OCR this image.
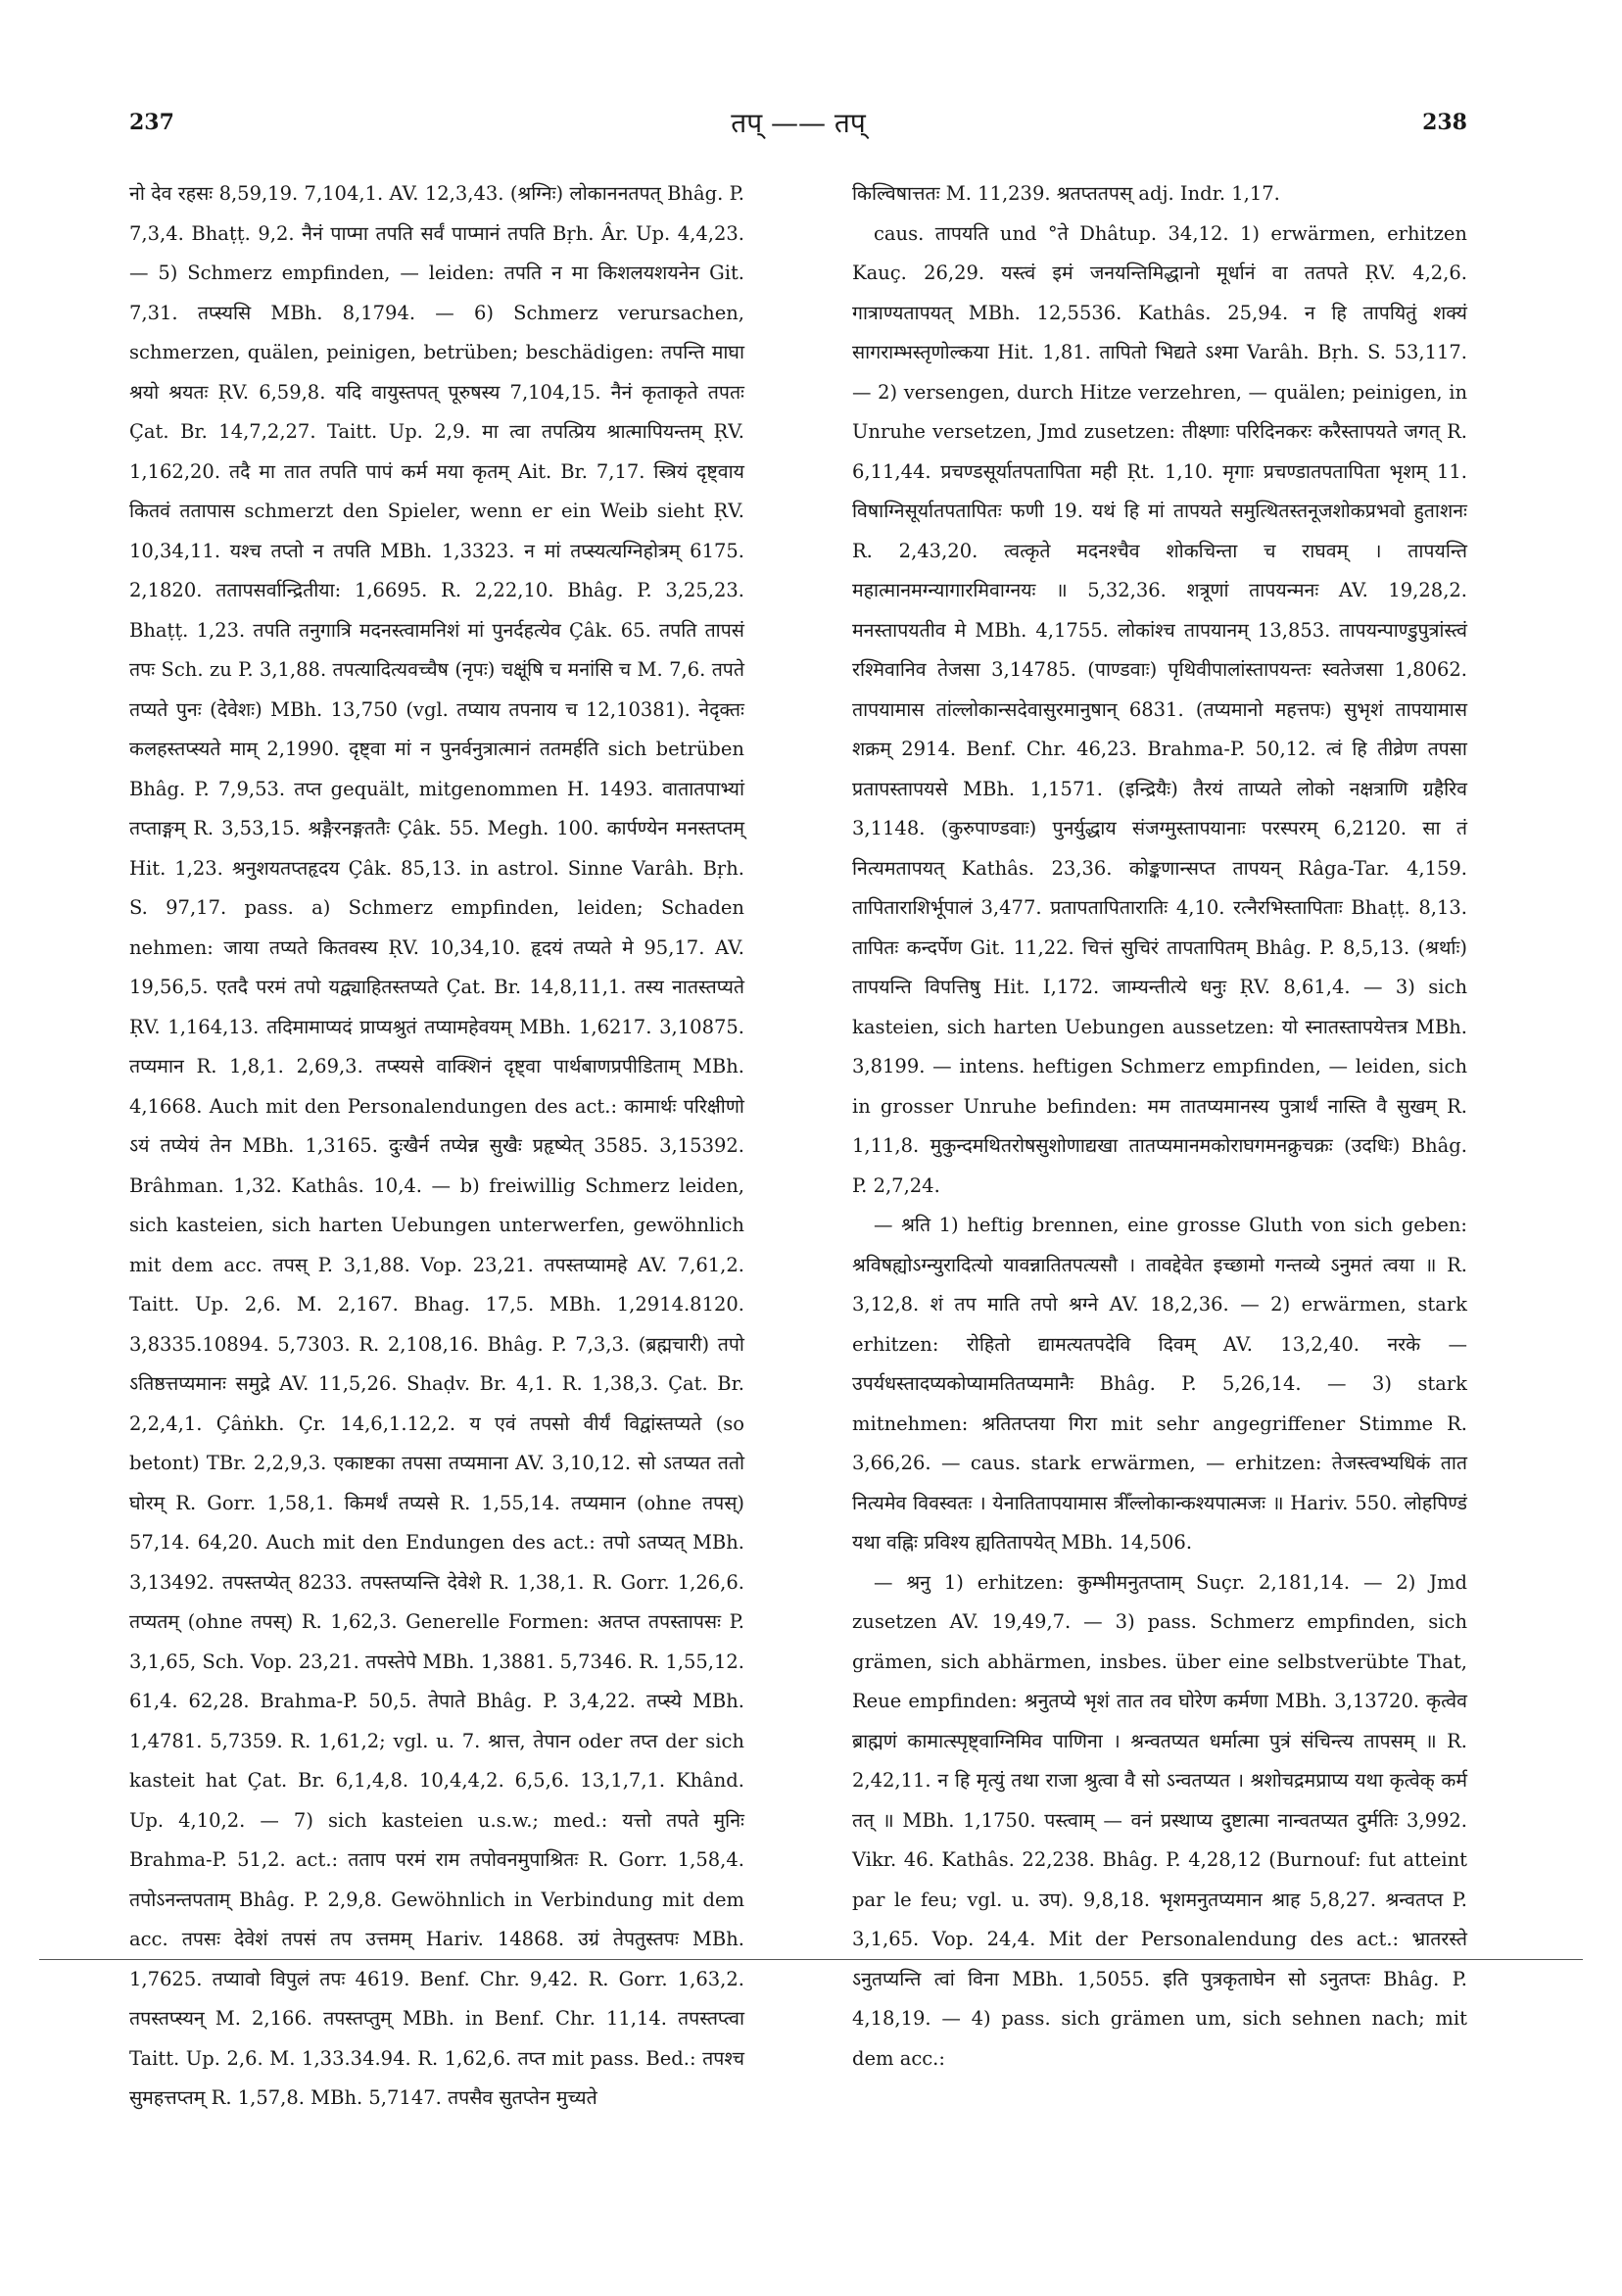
237	तप् —— तप्	238

नो देव रहसः 8,59,19. 7,104,1. AV. 12,3,43. (श्रग्निः) लोकाननतपत् Bhâg. P. 7,3,4. Bhaṭṭ. 9,2. नैनं पाप्मा तपति सर्वं पाप्मानं तपति Bṛh. Âr. Up. 4,4,23. — 5) Schmerz empfinden, — leiden: तपति न मा किशलयशयनेन Git. 7,31. तप्स्यसि MBh. 8,1794. — 6) Schmerz verursachen, schmerzen, quälen, peinigen, betrüben; beschädigen: तपन्ति माघा श्रयो श्रयतः ṚV. 6,59,8. यदि वायुस्तपत् पूरुषस्य 7,104,15. नैनं कृताकृते तपतः Çat. Br. 14,7,2,27. Taitt. Up. 2,9. मा त्वा तपत्प्रिय श्रात्मापियन्तम् ṚV. 1,162,20. तदै मा तात तपति पापं कर्म मया कृतम् Ait. Br. 7,17. स्त्रियं दृष्ट्वाय कितवं ततापास schmerzt den Spieler, wenn er ein Weib sieht ṚV. 10,34,11. यश्च तप्तो न तपति MBh. 1,3323. न मां तप्स्यत्यग्निहोत्रम् 6175. 2,1820. ततापसर्वान्द्रितीया: 1,6695. R. 2,22,10. Bhâg. P. 3,25,23. Bhaṭṭ. 1,23. तपति तनुगात्रि मदनस्त्वामनिशं मां पुनर्दहत्येव Çâk. 65. तपति तापसं तपः Sch. zu P. 3,1,88. तपत्यादित्यवच्चैष (नृपः) चक्षूंषि च मनांसि च M. 7,6. तपते तप्यते पुनः (देवेशः) MBh. 13,750 (vgl. तप्याय तपनाय च 12,10381). नेदृक्तः कलहस्तप्स्यते माम् 2,1990. दृष्ट्वा मां न पुनर्वनुत्रात्मानं ततमर्हति sich betrüben Bhâg. P. 7,9,53. तप्त gequält, mitgenommen H. 1493. वातातपाभ्यां तप्ताङ्गम् R. 3,53,15. श्रङ्गैरनङ्गततैः Çâk. 55. Megh. 100. कार्पण्येन मनस्तप्तम् Hit. 1,23. श्रनुशयतप्तहृदय Çâk. 85,13. in astrol. Sinne Varâh. Bṛh. S. 97,17. pass. a) Schmerz empfinden, leiden; Schaden nehmen: जाया तप्यते कितवस्य ṚV. 10,34,10. हृदयं तप्यते मे 95,17. AV. 19,56,5. एतदै परमं तपो यद्व्याहितस्तप्यते Çat. Br. 14,8,11,1. तस्य नातस्तप्यते ṚV. 1,164,13. तदिमामाप्यदं प्राप्यश्रुतं तप्यामहेवयम् MBh. 1,6217. 3,10875. तप्यमान R. 1,8,1. 2,69,3. तप्स्यसे वाक्शिनं दृष्ट्वा पार्थबाणप्रपीडिताम् MBh. 4,1668. Auch mit den Personalendungen des act.: कामार्थः परिक्षीणो ऽयं तप्येयं तेन MBh. 1,3165. दुःखैर्न तप्येन्न सुखैः प्रहृष्येत् 3585. 3,15392. Brâhman. 1,32. Kathâs. 10,4. — b) freiwillig Schmerz leiden, sich kasteien, sich harten Uebungen unterwerfen, gewöhnlich mit dem acc. तपस् P. 3,1,88. Vop. 23,21. तपस्तप्यामहे AV. 7,61,2. Taitt. Up. 2,6. M. 2,167. Bhag. 17,5. MBh. 1,2914.8120. 3,8335.10894. 5,7303. R. 2,108,16. Bhâg. P. 7,3,3. (ब्रह्मचारी) तपो ऽतिष्ठत्तप्यमानः समुद्रे AV. 11,5,26. Shaḍv. Br. 4,1. R. 1,38,3. Çat. Br. 2,2,4,1. Çâṅkh. Çr. 14,6,1.12,2. य एवं तपसो वीर्यं विद्वांस्तप्यते (so betont) TBr. 2,2,9,3. एकाष्टका तपसा तप्यमाना AV. 3,10,12. सो ऽतप्यत ततो घोरम् R. Gorr. 1,58,1. किमर्थं तप्यसे R. 1,55,14. तप्यमान (ohne तपस्) 57,14. 64,20. Auch mit den Endungen des act.: तपो ऽतप्यत् MBh. 3,13492. तपस्तप्येत् 8233. तपस्तप्यन्ति देवेशे R. 1,38,1. R. Gorr. 1,26,6. तप्यतम् (ohne तपस्) R. 1,62,3. Generelle Formen: अतप्त तपस्तापसः P. 3,1,65, Sch. Vop. 23,21. तपस्तेपे MBh. 1,3881. 5,7346. R. 1,55,12. 61,4. 62,28. Brahma-P. 50,5. तेपाते Bhâg. P. 3,4,22. तप्स्ये MBh. 1,4781. 5,7359. R. 1,61,2; vgl. u. 7. श्रात्त, तेपान oder तप्त der sich kasteit hat Çat. Br. 6,1,4,8. 10,4,4,2. 6,5,6. 13,1,7,1. Khând. Up. 4,10,2. — 7) sich kasteien u.s.w.; med.: यत्तो तपते मुनिः Brahma-P. 51,2. act.: तताप परमं राम तपोवनमुपाश्रितः R. Gorr. 1,58,4. तपोऽनन्तपताम् Bhâg. P. 2,9,8. Gewöhnlich in Verbindung mit dem acc. तपसः देवेशं तपसं तप उत्तमम् Hariv. 14868. उग्रं तेपतुस्तपः MBh. 1,7625. तप्यावो विपुलं तपः 4619. Benf. Chr. 9,42. R. Gorr. 1,63,2. तपस्तप्स्यन् M. 2,166. तपस्तप्तुम् MBh. in Benf. Chr. 11,14. तपस्तप्त्वा Taitt. Up. 2,6. M. 1,33.34.94. R. 1,62,6. तप्त mit pass. Bed.: तपश्च सुमहत्तप्तम् R. 1,57,8. MBh. 5,7147. तपसैव सुतप्तेन मुच्यते

किल्विषात्ततः M. 11,239. श्रतप्ततपस् adj. Indr. 1,17.

caus. तापयति und °ते Dhâtup. 34,12. 1) erwärmen, erhitzen Kauç. 26,29. यस्त्वं इमं जनयन्तिमिद्धानो मूर्धानं वा ततपते ṚV. 4,2,6. गात्राण्यतापयत् MBh. 12,5536. Kathâs. 25,94. न हि तापयितुं शक्यं सागराम्भस्तृणोल्कया Hit. 1,81. तापितो भिद्यते ऽश्मा Varâh. Bṛh. S. 53,117. — 2) versengen, durch Hitze verzehren, — quälen; peinigen, in Unruhe versetzen, Jmd zusetzen: तीक्ष्णाः परिदिनकरः करैस्तापयते जगत् R. 6,11,44. प्रचण्डसूर्यातपतापिता मही Ṛt. 1,10. मृगाः प्रचण्डातपतापिता भृशम् 11. विषाग्निसूर्यातपतापितः फणी 19. यथं हि मां तापयते समुत्थितस्तनूजशोकप्रभवो हुताशनः R. 2,43,20. त्वत्कृते मदनश्चैव शोकचिन्ता च राघवम् । तापयन्ति महात्मानमग्न्यागारमिवाग्नयः ॥ 5,32,36. शत्रूणां तापयन्मनः AV. 19,28,2. मनस्तापयतीव मे MBh. 4,1755. लोकांश्च तापयानम् 13,853. तापयन्पाण्डुपुत्रांस्त्वं रश्मिवानिव तेजसा 3,14785. (पाण्डवाः) पृथिवीपालांस्तापयन्तः स्वतेजसा 1,8062. तापयामास तांल्लोकान्सदेवासुरमानुषान् 6831. (तप्यमानो महत्तपः) सुभृशं तापयामास शक्रम् 2914. Benf. Chr. 46,23. Brahma-P. 50,12. त्वं हि तीव्रेण तपसा प्रतापस्तापयसे MBh. 1,1571. (इन्द्रियैः) तैरयं ताप्यते लोको नक्षत्राणि ग्रहैरिव 3,1148. (कुरुपाण्डवाः) पुनर्युद्धाय संजग्मुस्तापयानाः परस्परम् 6,2120. सा तं नित्यमतापयत् Kathâs. 23,36. कोङ्कणान्सप्त तापयन् Râga-Tar. 4,159. तापिताराशिर्भूपालं 3,477. प्रतापतापितारातिः 4,10. रत्नैरभिस्तापिताः Bhaṭṭ. 8,13. तापितः कन्दर्पेण Git. 11,22. चित्तं सुचिरं तापतापितम् Bhâg. P. 8,5,13. (श्रर्थाः) तापयन्ति विपत्तिषु Hit. I,172. जाम्यन्तीत्ये धनुः ṚV. 8,61,4. — 3) sich kasteien, sich harten Uebungen aussetzen: यो स्नातस्तापयेत्तत्र MBh. 3,8199. — intens. heftigen Schmerz empfinden, — leiden, sich in grosser Unruhe befinden: मम तातप्यमानस्य पुत्रार्थं नास्ति वै सुखम् R. 1,11,8. मुकुन्दमथितरोषसुशोणाद्यखा तातप्यमानमकोराघगमनक्रुचक्रः (उदधिः) Bhâg. P. 2,7,24.

— श्रति 1) heftig brennen, eine grosse Gluth von sich geben: श्रविषह्योऽग्न्युरादित्यो यावन्नातितपत्यसौ । तावद्देवेत इच्छामो गन्तव्ये ऽनुमतं त्वया ॥ R. 3,12,8. शं तप माति तपो श्रग्ने AV. 18,2,36. — 2) erwärmen, stark erhitzen: रोहितो द्यामत्यतपदेवि दिवम् AV. 13,2,40. नरके — उपर्यधस्तादप्यकोप्यामतितप्यमानैः Bhâg. P. 5,26,14. — 3) stark mitnehmen: श्रतितप्तया गिरा mit sehr angegriffener Stimme R. 3,66,26. — caus. stark erwärmen, — erhitzen: तेजस्त्वभ्यधिकं तात नित्यमेव विवस्वतः । येनातितापयामास त्रीँल्लोकान्कश्यपात्मजः ॥ Hariv. 550. लोहपिण्डं यथा वह्निः प्रविश्य ह्यतितापयेत् MBh. 14,506.

— श्रनु 1) erhitzen: कुम्भीमनुतप्ताम् Suçr. 2,181,14. — 2) Jmd zusetzen AV. 19,49,7. — 3) pass. Schmerz empfinden, sich grämen, sich abhärmen, insbes. über eine selbstverübte That, Reue empfinden: श्रनुतप्ये भृशं तात तव घोरेण कर्मणा MBh. 3,13720. कृत्वेव ब्राह्मणं कामात्स्पृष्ट्वाग्निमिव पाणिना । श्रन्वतप्यत धर्मात्मा पुत्रं संचिन्त्य तापसम् ॥ R. 2,42,11. न हि मृत्युं तथा राजा श्रुत्वा वै सो ऽन्वतप्यत । श्रशोचद्रमप्राप्य यथा कृत्वेक् कर्म तत् ॥ MBh. 1,1750. पस्त्वाम् — वनं प्रस्थाप्य दुष्टात्मा नान्वतप्यत दुर्मतिः 3,992. Vikr. 46. Kathâs. 22,238. Bhâg. P. 4,28,12 (Burnouf: fut atteint par le feu; vgl. u. उप). 9,8,18. भृशमनुतप्यमान श्राह 5,8,27. श्रन्वतप्त P. 3,1,65. Vop. 24,4. Mit der Personalendung des act.: भ्रातरस्ते ऽनुतप्यन्ति त्वां विना MBh. 1,5055. इति पुत्रकृताघेन सो ऽनुतप्तः Bhâg. P. 4,18,19. — 4) pass. sich grämen um, sich sehnen nach; mit dem acc.:
